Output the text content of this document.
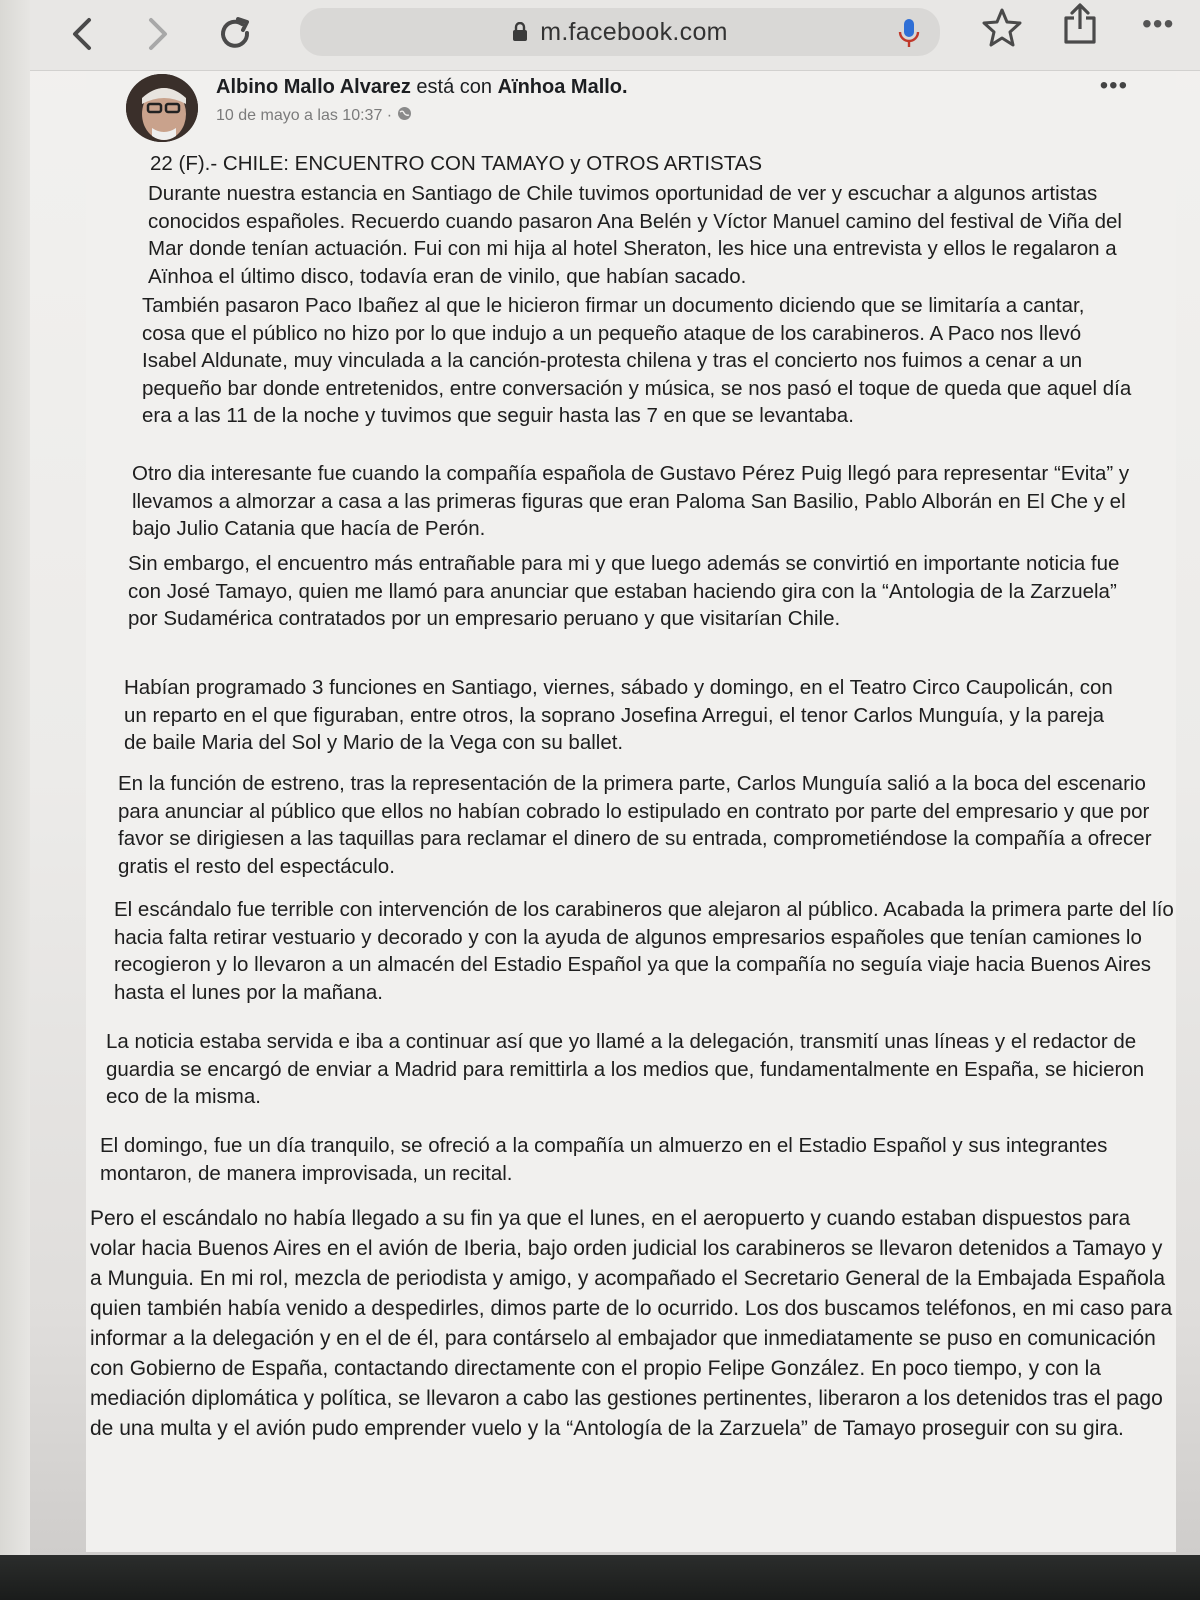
m.facebook.com	•••
Albino Mallo Alvarez está con Aïnhoa Mallo.
10 de mayo a las 10:37 ·
•••
22 (F).- CHILE: ENCUENTRO CON TAMAYO y OTROS ARTISTAS
Durante nuestra estancia en Santiago de Chile tuvimos oportunidad de ver y escuchar a algunos artistas conocidos españoles. Recuerdo cuando pasaron Ana Belén y Víctor Manuel camino del festival de Viña del Mar donde tenían actuación. Fui con mi hija al hotel Sheraton, les hice una entrevista y ellos le regalaron a Aïnhoa el último disco, todavía eran de vinilo, que habían sacado.
También pasaron Paco Ibañez al que le hicieron firmar un documento diciendo que se limitaría a cantar, cosa que el público no hizo por lo que indujo a un pequeño ataque de los carabineros. A Paco nos llevó Isabel Aldunate, muy vinculada a la canción-protesta chilena y tras el concierto nos fuimos a cenar a un pequeño bar donde entretenidos, entre conversación y música, se nos pasó el toque de queda que aquel día era a las 11 de la noche y tuvimos que seguir hasta las 7 en que se levantaba.
Otro dia interesante fue cuando la compañía española de Gustavo Pérez Puig llegó para representar “Evita” y llevamos a almorzar a casa a las primeras figuras que eran Paloma San Basilio, Pablo Alborán en El Che y el bajo Julio Catania que hacía de Perón.
Sin embargo, el encuentro más entrañable para mi y que luego además se convirtió en importante noticia fue con José Tamayo, quien me llamó para anunciar que estaban haciendo gira con la “Antologia de la Zarzuela” por Sudamérica contratados por un empresario peruano y que visitarían Chile.
Habían programado 3 funciones en Santiago, viernes, sábado y domingo, en el Teatro Circo Caupolicán, con un reparto en el que figuraban, entre otros, la soprano Josefina Arregui, el tenor Carlos Munguía, y la pareja de baile Maria del Sol y Mario de la Vega con su ballet.
En la función de estreno, tras la representación de la primera parte, Carlos Munguía salió a la boca del escenario para anunciar al público que ellos no habían cobrado lo estipulado en contrato por parte del empresario y que por favor se dirigiesen a las taquillas para reclamar el dinero de su entrada, comprometiéndose la compañía a ofrecer gratis el resto del espectáculo.
El escándalo fue terrible con intervención de los carabineros que alejaron al público. Acabada la primera parte del lío hacia falta retirar vestuario y decorado y con la ayuda de algunos empresarios españoles que tenían camiones lo recogieron y lo llevaron a un almacén del Estadio Español ya que la compañía no seguía viaje hacia Buenos Aires hasta el lunes por la mañana.
La noticia estaba servida e iba a continuar así que yo llamé a la delegación, transmití unas líneas y el redactor de guardia se encargó de enviar a Madrid para remittirla a los medios que, fundamentalmente en España, se hicieron eco de la misma.
El domingo, fue un día tranquilo, se ofreció a la compañía un almuerzo en el Estadio Español y sus integrantes montaron, de manera improvisada, un recital.
Pero el escándalo no había llegado a su fin ya que el lunes, en el aeropuerto y cuando estaban dispuestos para volar hacia Buenos Aires en el avión de Iberia, bajo orden judicial los carabineros se llevaron detenidos a Tamayo y a Munguia. En mi rol, mezcla de periodista y amigo, y acompañado el Secretario General de la Embajada Española quien también había venido a despedirles, dimos parte de lo ocurrido. Los dos buscamos teléfonos, en mi caso para informar a la delegación y en el de él, para contárselo al embajador que inmediatamente se puso en comunicación con Gobierno de España, contactando directamente con el propio Felipe González. En poco tiempo, y con la mediación diplomática y política, se llevaron a cabo las gestiones pertinentes, liberaron a los detenidos tras el pago de una multa y el avión pudo emprender vuelo y la “Antología de la Zarzuela” de Tamayo proseguir con su gira.
